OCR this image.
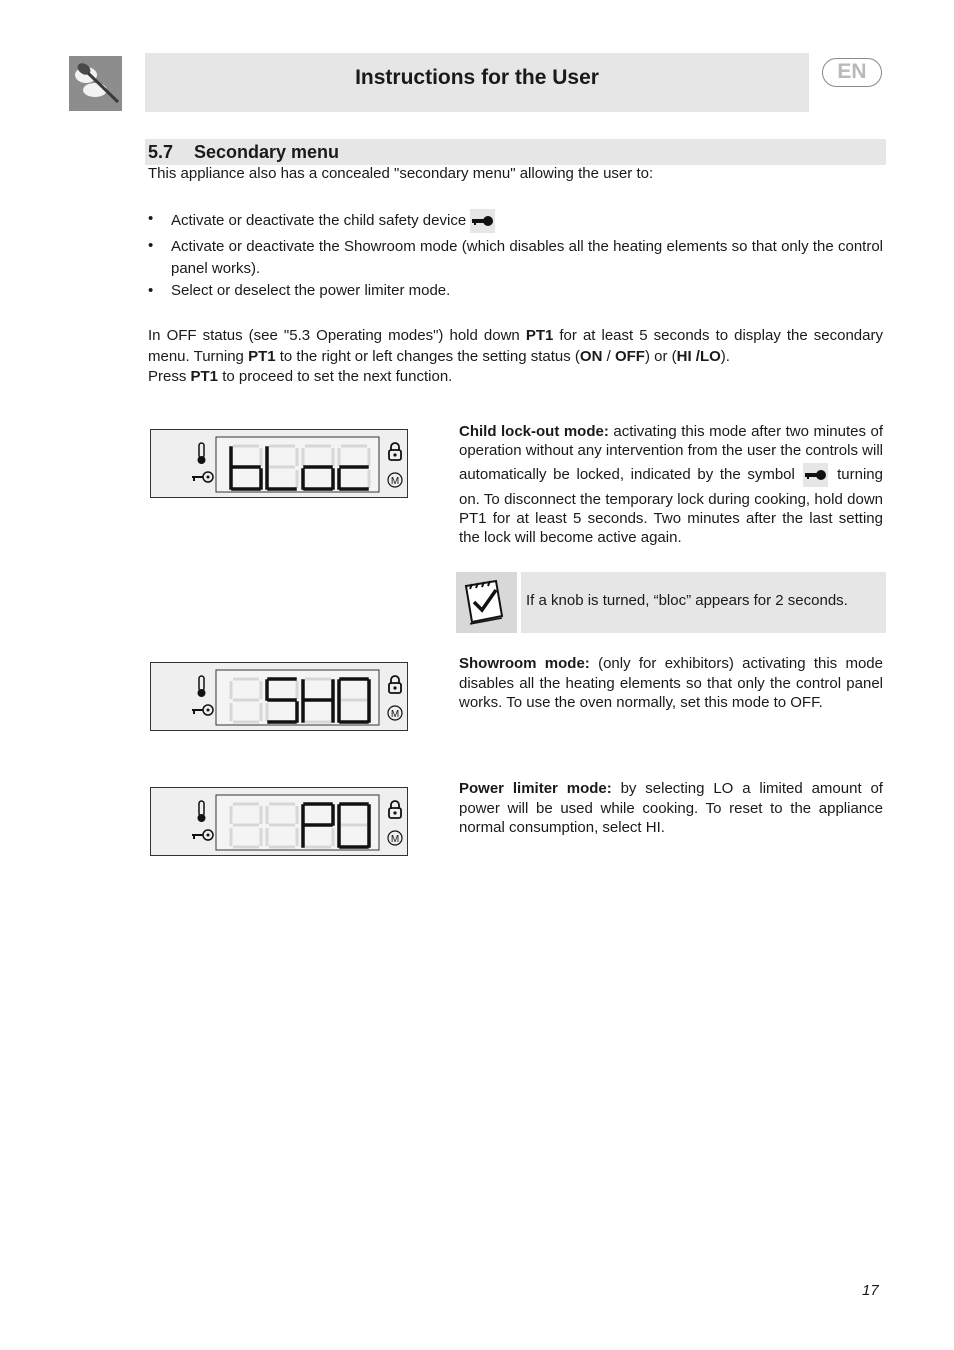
Instructions for the User	EN
5.7 Secondary menu
This appliance also has a concealed "secondary menu" allowing the user to:
• Activate or deactivate the child safety device
• Activate or deactivate the Showroom mode (which disables all the heating elements so that only the control panel works).
• Select or deselect the power limiter mode.
In OFF status (see "5.3 Operating modes") hold down PT1 for at least 5 seconds to display the secondary menu. Turning PT1 to the right or left changes the setting status (ON / OFF) or (HI /LO).
Press PT1 to proceed to set the next function.
M
Child lock-out mode: activating this mode after two minutes of operation without any intervention from the user the controls will automatically be locked, indicated by the symbol  turning on. To disconnect the temporary lock during cooking, hold down PT1 for at least 5 seconds. Two minutes after the last setting the lock will become active again.
If a knob is turned, “bloc” appears for 2 seconds.
M
Showroom mode: (only for exhibitors) activating this mode disables all the heating elements so that only the control panel works. To use the oven normally, set this mode to OFF.
M
Power limiter mode: by selecting LO a limited amount of power will be used while cooking. To reset to the appliance normal consumption, select HI.
17
